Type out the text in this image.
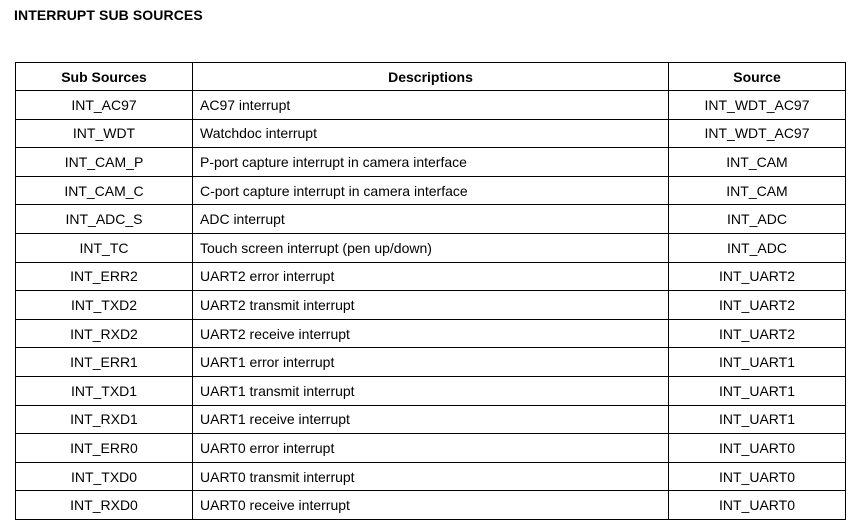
INTERRUPT SUB SOURCES
Sub Sources	Descriptions	Source
INT_AC97	AC97 interrupt	INT_WDT_AC97
INT_WDT	Watchdoc interrupt	INT_WDT_AC97
INT_CAM_P	P-port capture interrupt in camera interface	INT_CAM
INT_CAM_C	C-port capture interrupt in camera interface	INT_CAM
INT_ADC_S	ADC interrupt	INT_ADC
INT_TC	Touch screen interrupt (pen up/down)	INT_ADC
INT_ERR2	UART2 error interrupt	INT_UART2
INT_TXD2	UART2 transmit interrupt	INT_UART2
INT_RXD2	UART2 receive interrupt	INT_UART2
INT_ERR1	UART1 error interrupt	INT_UART1
INT_TXD1	UART1 transmit interrupt	INT_UART1
INT_RXD1	UART1 receive interrupt	INT_UART1
INT_ERR0	UART0 error interrupt	INT_UART0
INT_TXD0	UART0 transmit interrupt	INT_UART0
INT_RXD0	UART0 receive interrupt	INT_UART0
